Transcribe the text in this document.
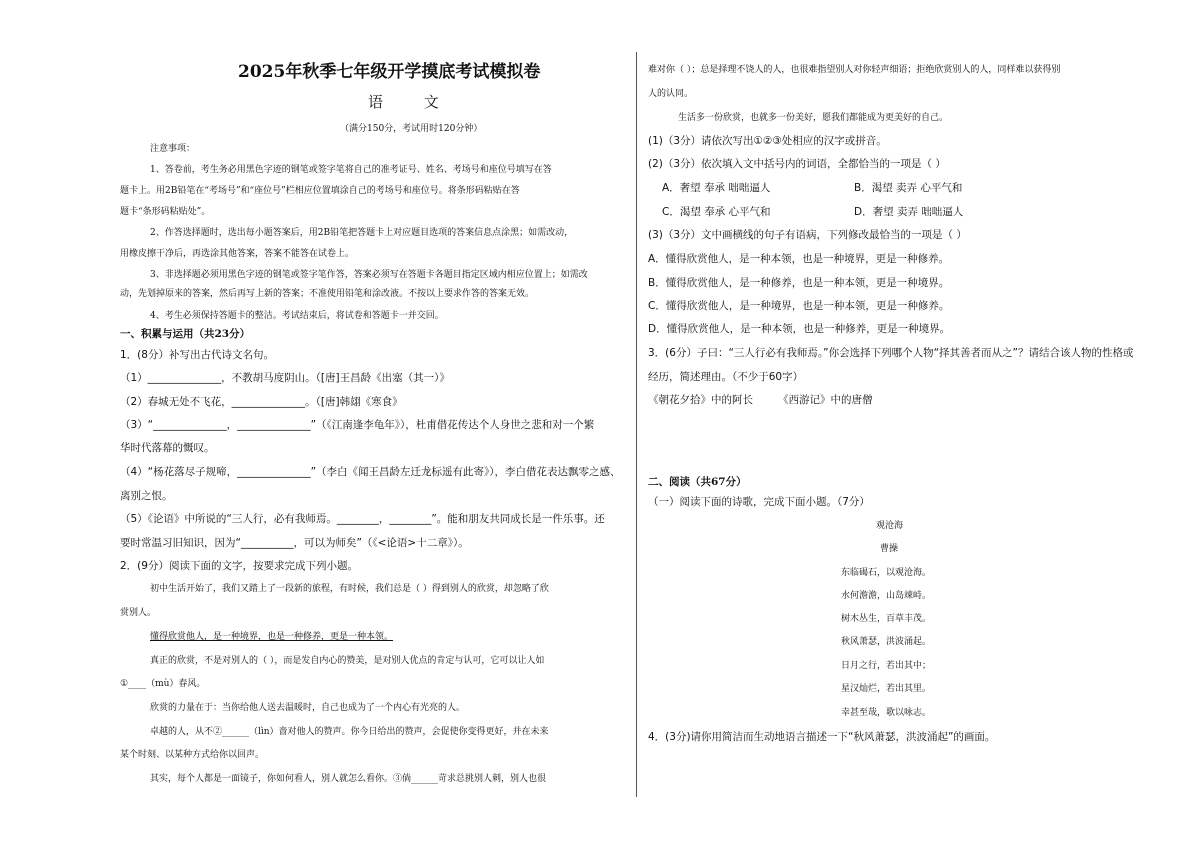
2025年秋季七年级开学摸底考试模拟卷
语 文
（满分150分，考试用时120分钟）
注意事项：
1、答卷前，考生务必用黑色字迹的钢笔或签字笔将自己的准考证号、姓名、考场号和座位号填写在答
题卡上。用2B铅笔在“考场号”和“座位号”栏相应位置填涂自己的考场号和座位号。将条形码粘贴在答
题卡“条形码粘贴处”。
2、作答选择题时，选出每小题答案后，用2B铅笔把答题卡上对应题目选项的答案信息点涂黑；如需改动，
用橡皮擦干净后，再选涂其他答案，答案不能答在试卷上。
3、非选择题必须用黑色字迹的钢笔或签字笔作答，答案必须写在答题卡各题目指定区域内相应位置上；如需改
动，先划掉原来的答案，然后再写上新的答案；不准使用铅笔和涂改液。不按以上要求作答的答案无效。
4、考生必须保持答题卡的整洁。考试结束后，将试卷和答题卡一并交回。
一、积累与运用（共23分）
1．(8分）补写出古代诗文名句。
（1）______________，不教胡马度阴山。（[唐]王昌龄《出塞（其一）》
（2）春城无处不飞花，______________。（[唐]韩翃《寒食》
（3）“______________，______________”（《江南逢李龟年》），杜甫借花传达个人身世之悲和对一个繁
华时代落幕的慨叹。
（4）“杨花落尽子规啼，______________”（李白《闻王昌龄左迁龙标遥有此寄》），李白借花表达飘零之感、
离别之恨。
（5）《论语》中所说的“三人行，必有我师焉。________，________”。能和朋友共同成长是一件乐事。还
要时常温习旧知识，因为“__________，可以为师矣”（《<论语>十二章》）。
2．(9分）阅读下面的文字，按要求完成下列小题。
初中生活开始了，我们又踏上了一段新的旅程，有时候，我们总是（ ）得到别人的欣赏，却忽略了欣
赏别人。
懂得欣赏他人，是一种境界，也是一种修养，更是一种本领。
真正的欣赏，不是对别人的（ ），而是发自内心的赞美，是对别人优点的肯定与认可，它可以让人如
①____（mù）春风。
欣赏的力量在于：当你给他人送去温暖时，自己也成为了一个内心有光亮的人。
卓越的人，从不②______（lìn）啬对他人的赞声。你今日给出的赞声，会促使你变得更好，并在未来
某个时刻、以某种方式给你以回声。
其实，每个人都是一面镜子，你如何看人，别人就怎么看你。③倘______苛求总挑别人刺，别人也很
难对你（ ）；总是择理不饶人的人，也很难指望别人对你轻声细语；拒绝欣赏别人的人，同样难以获得别
人的认同。
生活多一份欣赏，也就多一份美好，愿我们都能成为更美好的自己。
(1)（3分）请依次写出①②③处相应的汉字或拼音。
(2)（3分）依次填入文中括号内的词语，全都恰当的一项是（ ）
A．奢望 奉承 咄咄逼人	B．渴望 卖弄 心平气和
C．渴望 奉承 心平气和	D．奢望 卖弄 咄咄逼人
(3)（3分）文中画横线的句子有语病，下列修改最恰当的一项是（ ）
A．懂得欣赏他人，是一种本领，也是一种境界，更是一种修养。
B．懂得欣赏他人，是一种修养，也是一种本领，更是一种境界。
C．懂得欣赏他人，是一种境界，也是一种本领，更是一种修养。
D．懂得欣赏他人，是一种本领，也是一种修养，更是一种境界。
3．(6分）子曰：“三人行必有我师焉。”你会选择下列哪个人物“择其善者而从之”？请结合该人物的性格或
经历，简述理由。（不少于60字）
《朝花夕拾》中的阿长 《西游记》中的唐僧
二、阅读（共67分）
（一）阅读下面的诗歌，完成下面小题。（7分）
观沧海
曹操
东临碣石，以观沧海。
水何澹澹，山岛竦峙。
树木丛生，百草丰茂。
秋风萧瑟，洪波涌起。
日月之行，若出其中；
星汉灿烂，若出其里。
幸甚至哉，歌以咏志。
4．(3分)请你用简洁而生动地语言描述一下“秋风萧瑟，洪波涌起”的画面。
